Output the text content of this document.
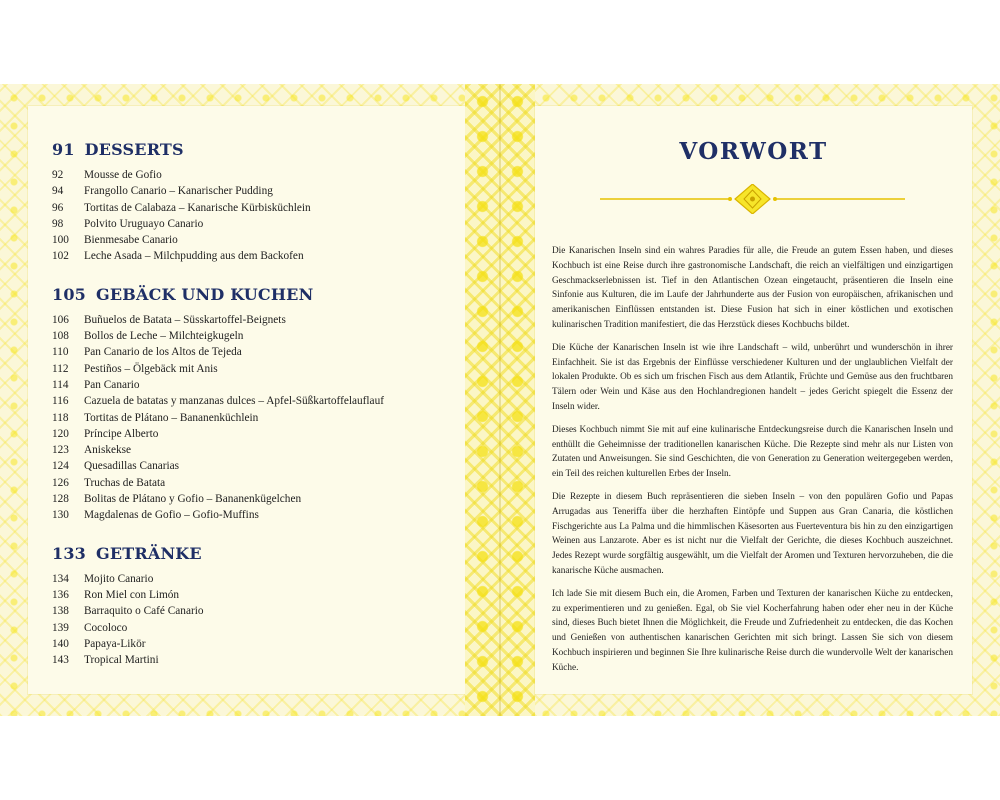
91 DESSERTS
92	Mousse de Gofio
94	Frangollo Canario – Kanarischer Pudding
96	Tortitas de Calabaza – Kanarische Kürbisküchlein
98	Polvito Uruguayo Canario
100	Bienmesabe Canario
102	Leche Asada – Milchpudding aus dem Backofen
105 GEBÄCK UND KUCHEN
106	Buñuelos de Batata – Süsskartoffel-Beignets
108	Bollos de Leche – Milchteigkugeln
110	Pan Canario de los Altos de Tejeda
112	Pestiños – Ölgebäck mit Anis
114	Pan Canario
116	Cazuela de batatas y manzanas dulces – Apfel-Süßkartoffelauflauf
118	Tortitas de Plátano – Bananenküchlein
120	Príncipe Alberto
123	Aniskekse
124	Quesadillas Canarias
126	Truchas de Batata
128	Bolitas de Plátano y Gofio – Bananenkügelchen
130	Magdalenas de Gofio – Gofio-Muffins
133 GETRÄNKE
134	Mojito Canario
136	Ron Miel con Limón
138	Barraquito o Café Canario
139	Cocoloco
140	Papaya-Likör
143	Tropical Martini
VORWORT

Die Kanarischen Inseln sind ein wahres Paradies für alle, die Freude an gutem Essen haben, und dieses Kochbuch ist eine Reise durch ihre gastronomische Landschaft, die reich an vielfältigen und einzigartigen Geschmackserlebnissen ist. Tief in den Atlantischen Ozean eingetaucht, präsentieren die Inseln eine Sinfonie aus Kulturen, die im Laufe der Jahrhunderte aus der Fusion von europäischen, afrikanischen und amerikanischen Einflüssen entstanden ist. Diese Fusion hat sich in einer köstlichen und exotischen kulinarischen Tradition manifestiert, die das Herzstück dieses Kochbuchs bildet.

Die Küche der Kanarischen Inseln ist wie ihre Landschaft – wild, unberührt und wunderschön in ihrer Einfachheit. Sie ist das Ergebnis der Einflüsse verschiedener Kulturen und der unglaublichen Vielfalt der lokalen Produkte. Ob es sich um frischen Fisch aus dem Atlantik, Früchte und Gemüse aus den fruchtbaren Tälern oder Wein und Käse aus den Hochlandregionen handelt – jedes Gericht spiegelt die Essenz der Inseln wider.

Dieses Kochbuch nimmt Sie mit auf eine kulinarische Entdeckungsreise durch die Kanarischen Inseln und enthüllt die Geheimnisse der traditionellen kanarischen Küche. Die Rezepte sind mehr als nur Listen von Zutaten und Anweisungen. Sie sind Geschichten, die von Generation zu Generation weitergegeben werden, ein Teil des reichen kulturellen Erbes der Inseln.

Die Rezepte in diesem Buch repräsentieren die sieben Inseln – von den populären Gofio und Papas Arrugadas aus Teneriffa über die herzhaften Eintöpfe und Suppen aus Gran Canaria, die köstlichen Fischgerichte aus La Palma und die himmlischen Käsesorten aus Fuerteventura bis hin zu den einzigartigen Weinen aus Lanzarote. Aber es ist nicht nur die Vielfalt der Gerichte, die dieses Kochbuch auszeichnet. Jedes Rezept wurde sorgfältig ausgewählt, um die Vielfalt der Aromen und Texturen hervorzuheben, die die kanarische Küche ausmachen.

Ich lade Sie mit diesem Buch ein, die Aromen, Farben und Texturen der kanarischen Küche zu entdecken, zu experimentieren und zu genießen. Egal, ob Sie viel Kocherfahrung haben oder eher neu in der Küche sind, dieses Buch bietet Ihnen die Möglichkeit, die Freude und Zufriedenheit zu entdecken, die das Kochen und Genießen von authentischen kanarischen Gerichten mit sich bringt. Lassen Sie sich von diesem Kochbuch inspirieren und beginnen Sie Ihre kulinarische Reise durch die wundervolle Welt der kanarischen Küche.
